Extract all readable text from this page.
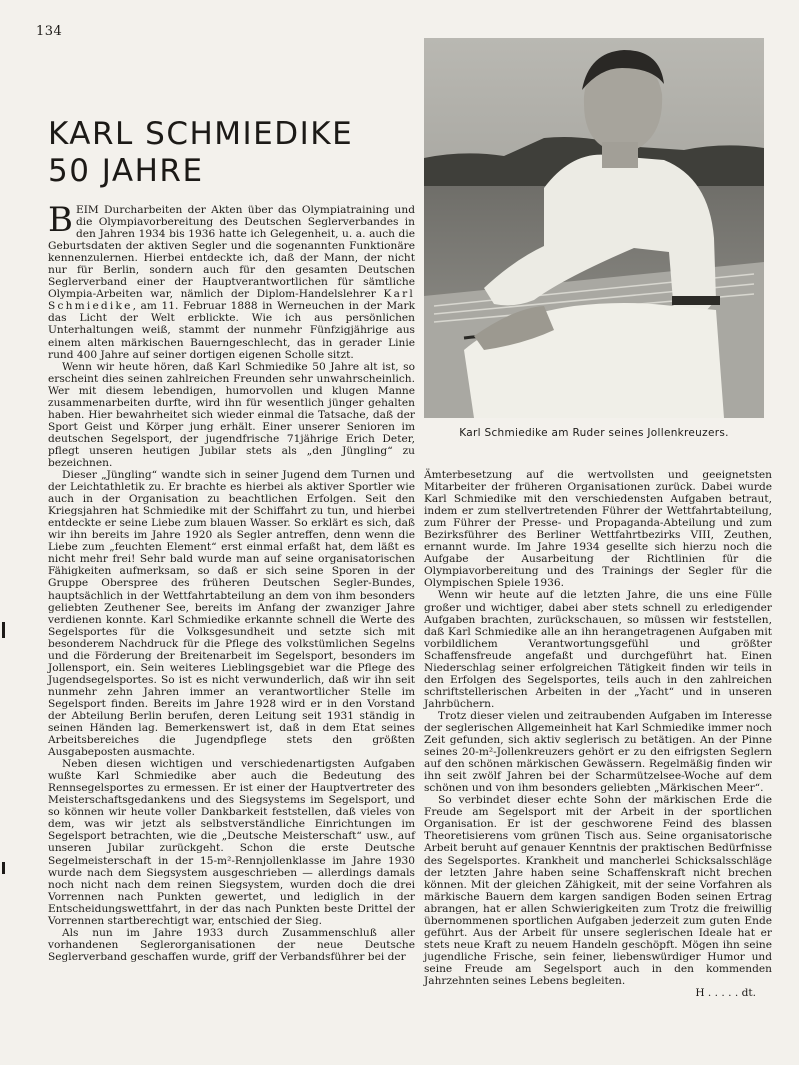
134
KARL SCHMIEDIKE
50 JAHRE
Karl Schmiedike am Ruder seines Jollenkreuzers.

BEIM Durcharbeiten der Akten über das Olympiatraining und die Olympiavorbereitung des Deutschen Seglerverbandes in den Jahren 1934 bis 1936 hatte ich Gelegenheit, u. a. auch die Geburtsdaten der aktiven Segler und die sogenannten Funktionäre kennenzulernen. Hierbei entdeckte ich, daß der Mann, der nicht nur für Berlin, sondern auch für den gesamten Deutschen Seglerverband einer der Hauptverantwortlichen für sämtliche Olympia-Arbeiten war, nämlich der Diplom-Handelslehrer Karl Schmiedike, am 11. Februar 1888 in Werneuchen in der Mark das Licht der Welt erblickte. Wie ich aus persönlichen Unterhaltungen weiß, stammt der nunmehr Fünfzigjährige aus einem alten märkischen Bauerngeschlecht, das in gerader Linie rund 400 Jahre auf seiner dortigen eigenen Scholle sitzt.

Wenn wir heute hören, daß Karl Schmiedike 50 Jahre alt ist, so erscheint dies seinen zahlreichen Freunden sehr unwahrscheinlich. Wer mit diesem lebendigen, humorvollen und klugen Manne zusammenarbeiten durfte, wird ihn für wesentlich jünger gehalten haben. Hier bewahrheitet sich wieder einmal die Tatsache, daß der Sport Geist und Körper jung erhält. Einer unserer Senioren im deutschen Segelsport, der jugendfrische 71jährige Erich Deter, pflegt unseren heutigen Jubilar stets als „den Jüngling“ zu bezeichnen.

Dieser „Jüngling“ wandte sich in seiner Jugend dem Turnen und der Leichtathletik zu. Er brachte es hierbei als aktiver Sportler wie auch in der Organisation zu beachtlichen Erfolgen. Seit den Kriegsjahren hat Schmiedike mit der Schiffahrt zu tun, und hierbei entdeckte er seine Liebe zum blauen Wasser. So erklärt es sich, daß wir ihn bereits im Jahre 1920 als Segler antreffen, denn wenn die Liebe zum „feuchten Element“ erst einmal erfaßt hat, dem läßt es nicht mehr frei! Sehr bald wurde man auf seine organisatorischen Fähigkeiten aufmerksam, so daß er sich seine Sporen in der Gruppe Oberspree des früheren Deutschen Segler-Bundes, hauptsächlich in der Wettfahrtabteilung an dem von ihm besonders geliebten Zeuthener See, bereits im Anfang der zwanziger Jahre verdienen konnte. Karl Schmiedike erkannte schnell die Werte des Segelsportes für die Volksgesundheit und setzte sich mit besonderem Nachdruck für die Pflege des volkstümlichen Segelns und die Förderung der Breitenarbeit im Segelsport, besonders im Jollensport, ein. Sein weiteres Lieblingsgebiet war die Pflege des Jugendsegelsportes. So ist es nicht verwunderlich, daß wir ihn seit nunmehr zehn Jahren immer an verantwortlicher Stelle im Segelsport finden. Bereits im Jahre 1928 wird er in den Vorstand der Abteilung Berlin berufen, deren Leitung seit 1931 ständig in seinen Händen lag. Bemerkenswert ist, daß in dem Etat seines Arbeitsbereiches die Jugendpflege stets den größten Ausgabeposten ausmachte.

Neben diesen wichtigen und verschiedenartigsten Aufgaben wußte Karl Schmiedike aber auch die Bedeutung des Rennsegelsportes zu ermessen. Er ist einer der Hauptvertreter des Meisterschaftsgedankens und des Siegsystems im Segelsport, und so können wir heute voller Dankbarkeit feststellen, daß vieles von dem, was wir jetzt als selbstverständliche Einrichtungen im Segelsport betrachten, wie die „Deutsche Meisterschaft“ usw., auf unseren Jubilar zurückgeht. Schon die erste Deutsche Segelmeisterschaft in der 15-m²-Rennjollenklasse im Jahre 1930 wurde nach dem Siegsystem ausgeschrieben — allerdings damals noch nicht nach dem reinen Siegsystem, wurden doch die drei Vorrennen nach Punkten gewertet, und lediglich in der Entscheidungswettfahrt, in der das nach Punkten beste Drittel der Vorrennen startberechtigt war, entschied der Sieg.

Als nun im Jahre 1933 durch Zusammenschluß aller vorhandenen Seglerorganisationen der neue Deutsche Seglerverband geschaffen wurde, griff der Verbandsführer bei der

Ämterbesetzung auf die wertvollsten und geeignetsten Mitarbeiter der früheren Organisationen zurück. Dabei wurde Karl Schmiedike mit den verschiedensten Aufgaben betraut, indem er zum stellvertretenden Führer der Wettfahrtabteilung, zum Führer der Presse- und Propaganda-Abteilung und zum Bezirksführer des Berliner Wettfahrtbezirks VIII, Zeuthen, ernannt wurde. Im Jahre 1934 gesellte sich hierzu noch die Aufgabe der Ausarbeitung der Richtlinien für die Olympiavorbereitung und des Trainings der Segler für die Olympischen Spiele 1936.

Wenn wir heute auf die letzten Jahre, die uns eine Fülle großer und wichtiger, dabei aber stets schnell zu erledigender Aufgaben brachten, zurückschauen, so müssen wir feststellen, daß Karl Schmiedike alle an ihn herangetragenen Aufgaben mit vorbildlichem Verantwortungsgefühl und größter Schaffensfreude angefaßt und durchgeführt hat. Einen Niederschlag seiner erfolgreichen Tätigkeit finden wir teils in den Erfolgen des Segelsportes, teils auch in den zahlreichen schriftstellerischen Arbeiten in der „Yacht“ und in unseren Jahrbüchern.

Trotz dieser vielen und zeitraubenden Aufgaben im Interesse der seglerischen Allgemeinheit hat Karl Schmiedike immer noch Zeit gefunden, sich aktiv seglerisch zu betätigen. An der Pinne seines 20-m²-Jollenkreuzers gehört er zu den eifrigsten Seglern auf den schönen märkischen Gewässern. Regelmäßig finden wir ihn seit zwölf Jahren bei der Scharmützelsee-Woche auf dem schönen und von ihm besonders geliebten „Märkischen Meer“.

So verbindet dieser echte Sohn der märkischen Erde die Freude am Segelsport mit der Arbeit in der sportlichen Organisation. Er ist der geschworene Feind des blassen Theoretisierens vom grünen Tisch aus. Seine organisatorische Arbeit beruht auf genauer Kenntnis der praktischen Bedürfnisse des Segelsportes. Krankheit und mancherlei Schicksalsschläge der letzten Jahre haben seine Schaffenskraft nicht brechen können. Mit der gleichen Zähigkeit, mit der seine Vorfahren als märkische Bauern dem kargen sandigen Boden seinen Ertrag abrangen, hat er allen Schwierigkeiten zum Trotz die freiwillig übernommenen sportlichen Aufgaben jederzeit zum guten Ende geführt. Aus der Arbeit für unsere seglerischen Ideale hat er stets neue Kraft zu neuem Handeln geschöpft. Mögen ihn seine jugendliche Frische, sein feiner, liebenswürdiger Humor und seine Freude am Segelsport auch in den kommenden Jahrzehnten seines Lebens begleiten.

H . . . . . dt.
